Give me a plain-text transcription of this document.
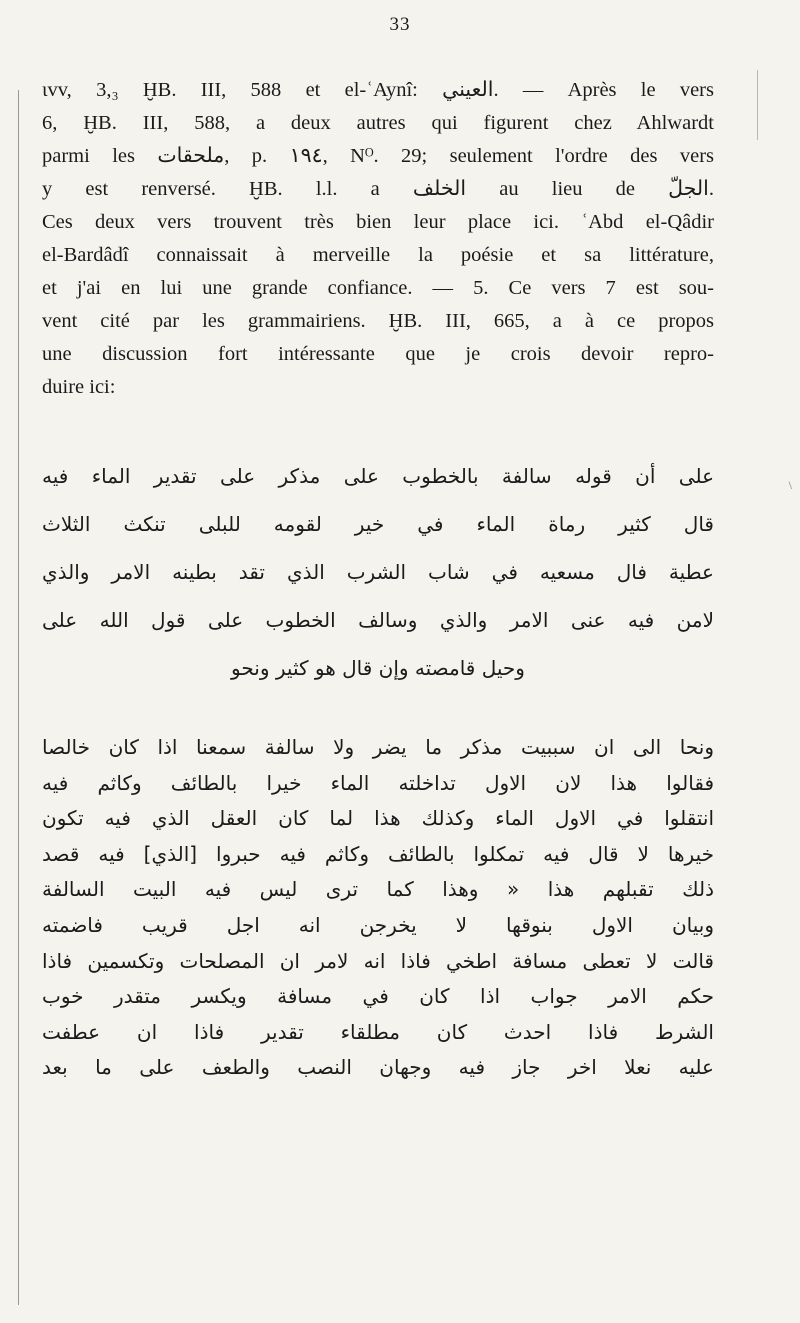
33
ιvv, 3,₃ ḪB. III, 588 et el-ʿAynî: العيني. — Après le vers
6, ḪB. III, 588, a deux autres qui figurent chez Ahlwardt
parmi les ملحقات, p. ١٩٤, Nᴼ. 29; seulement l'ordre des vers
y est renversé. ḪB. l.l. a الخلف au lieu de الجلّ.
Ces deux vers trouvent très bien leur place ici. ʿAbd el-Qâdir
el-Bardâdî connaissait à merveille la poésie et sa littérature,
et j'ai en lui une grande confiance. — 5. Ce vers 7 est sou-
vent cité par les grammairiens. ḪB. III, 665, a à ce propos
une discussion fort intéressante que je crois devoir repro-
duire ici:
على أن قوله سالفة بالخطوب على مذكر على تقدير الماء فيه
قال كثير رماة الماء في خير لقومه للبلى تنكث الثلاث
عطية فال مسعيه في شاب الشرب الذي تقد بطينه الامر والذي
لامن فيه عنى الامر والذي وسالف الخطوب على قول الله على
وحيل قامصته وإن قال هو كثير ونحو
ونحا الى ان سببيت مذكر ما يضر ولا سالفة سمعنا اذا كان خالصا
فقالوا هذا لان الاول تداخلته الماء خيرا بالطائف وكاثم فيه
انتقلوا في الاول الماء وكذلك هذا لما كان العقل الذي فيه تكون
خيرها لا قال فيه تمكلوا بالطائف وكاثم فيه حبروا [الذي] فيه قصد
ذلك تقبلهم هذا « وهذا كما ترى ليس فيه البيت السالفة
وبيان الاول بنوقها لا يخرجن انه اجل قريب فاضمته
قالت لا تعطى مسافة اطخي فاذا انه لامر ان المصلحات وتكسمين فاذا
حكم الامر جواب اذا كان في مسافة ويكسر متقدر خوب
الشرط فاذا احدث كان مطلقاء تقدير فاذا ان عطفت
عليه نعلا اخر جاز فيه وجهان النصب والطعف على ما بعد
\
